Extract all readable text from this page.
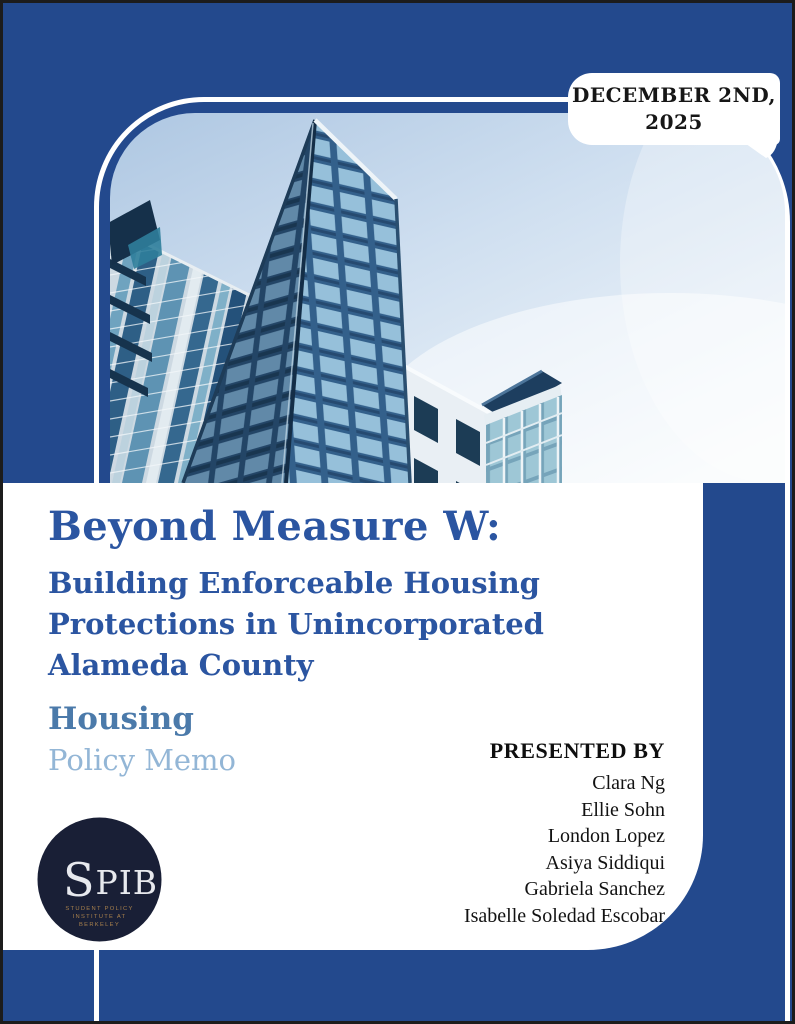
DECEMBER 2ND,
2025
Beyond Measure W:
Building Enforceable Housing
Protections in Unincorporated
Alameda County
Housing
Policy Memo	PRESENTED BY
Clara Ng
Ellie Sohn
London Lopez
Asiya Siddiqui
Gabriela Sanchez
Isabelle Soledad Escobar
SPIB
STUDENT POLICY
INSTITUTE AT
BERKELEY
